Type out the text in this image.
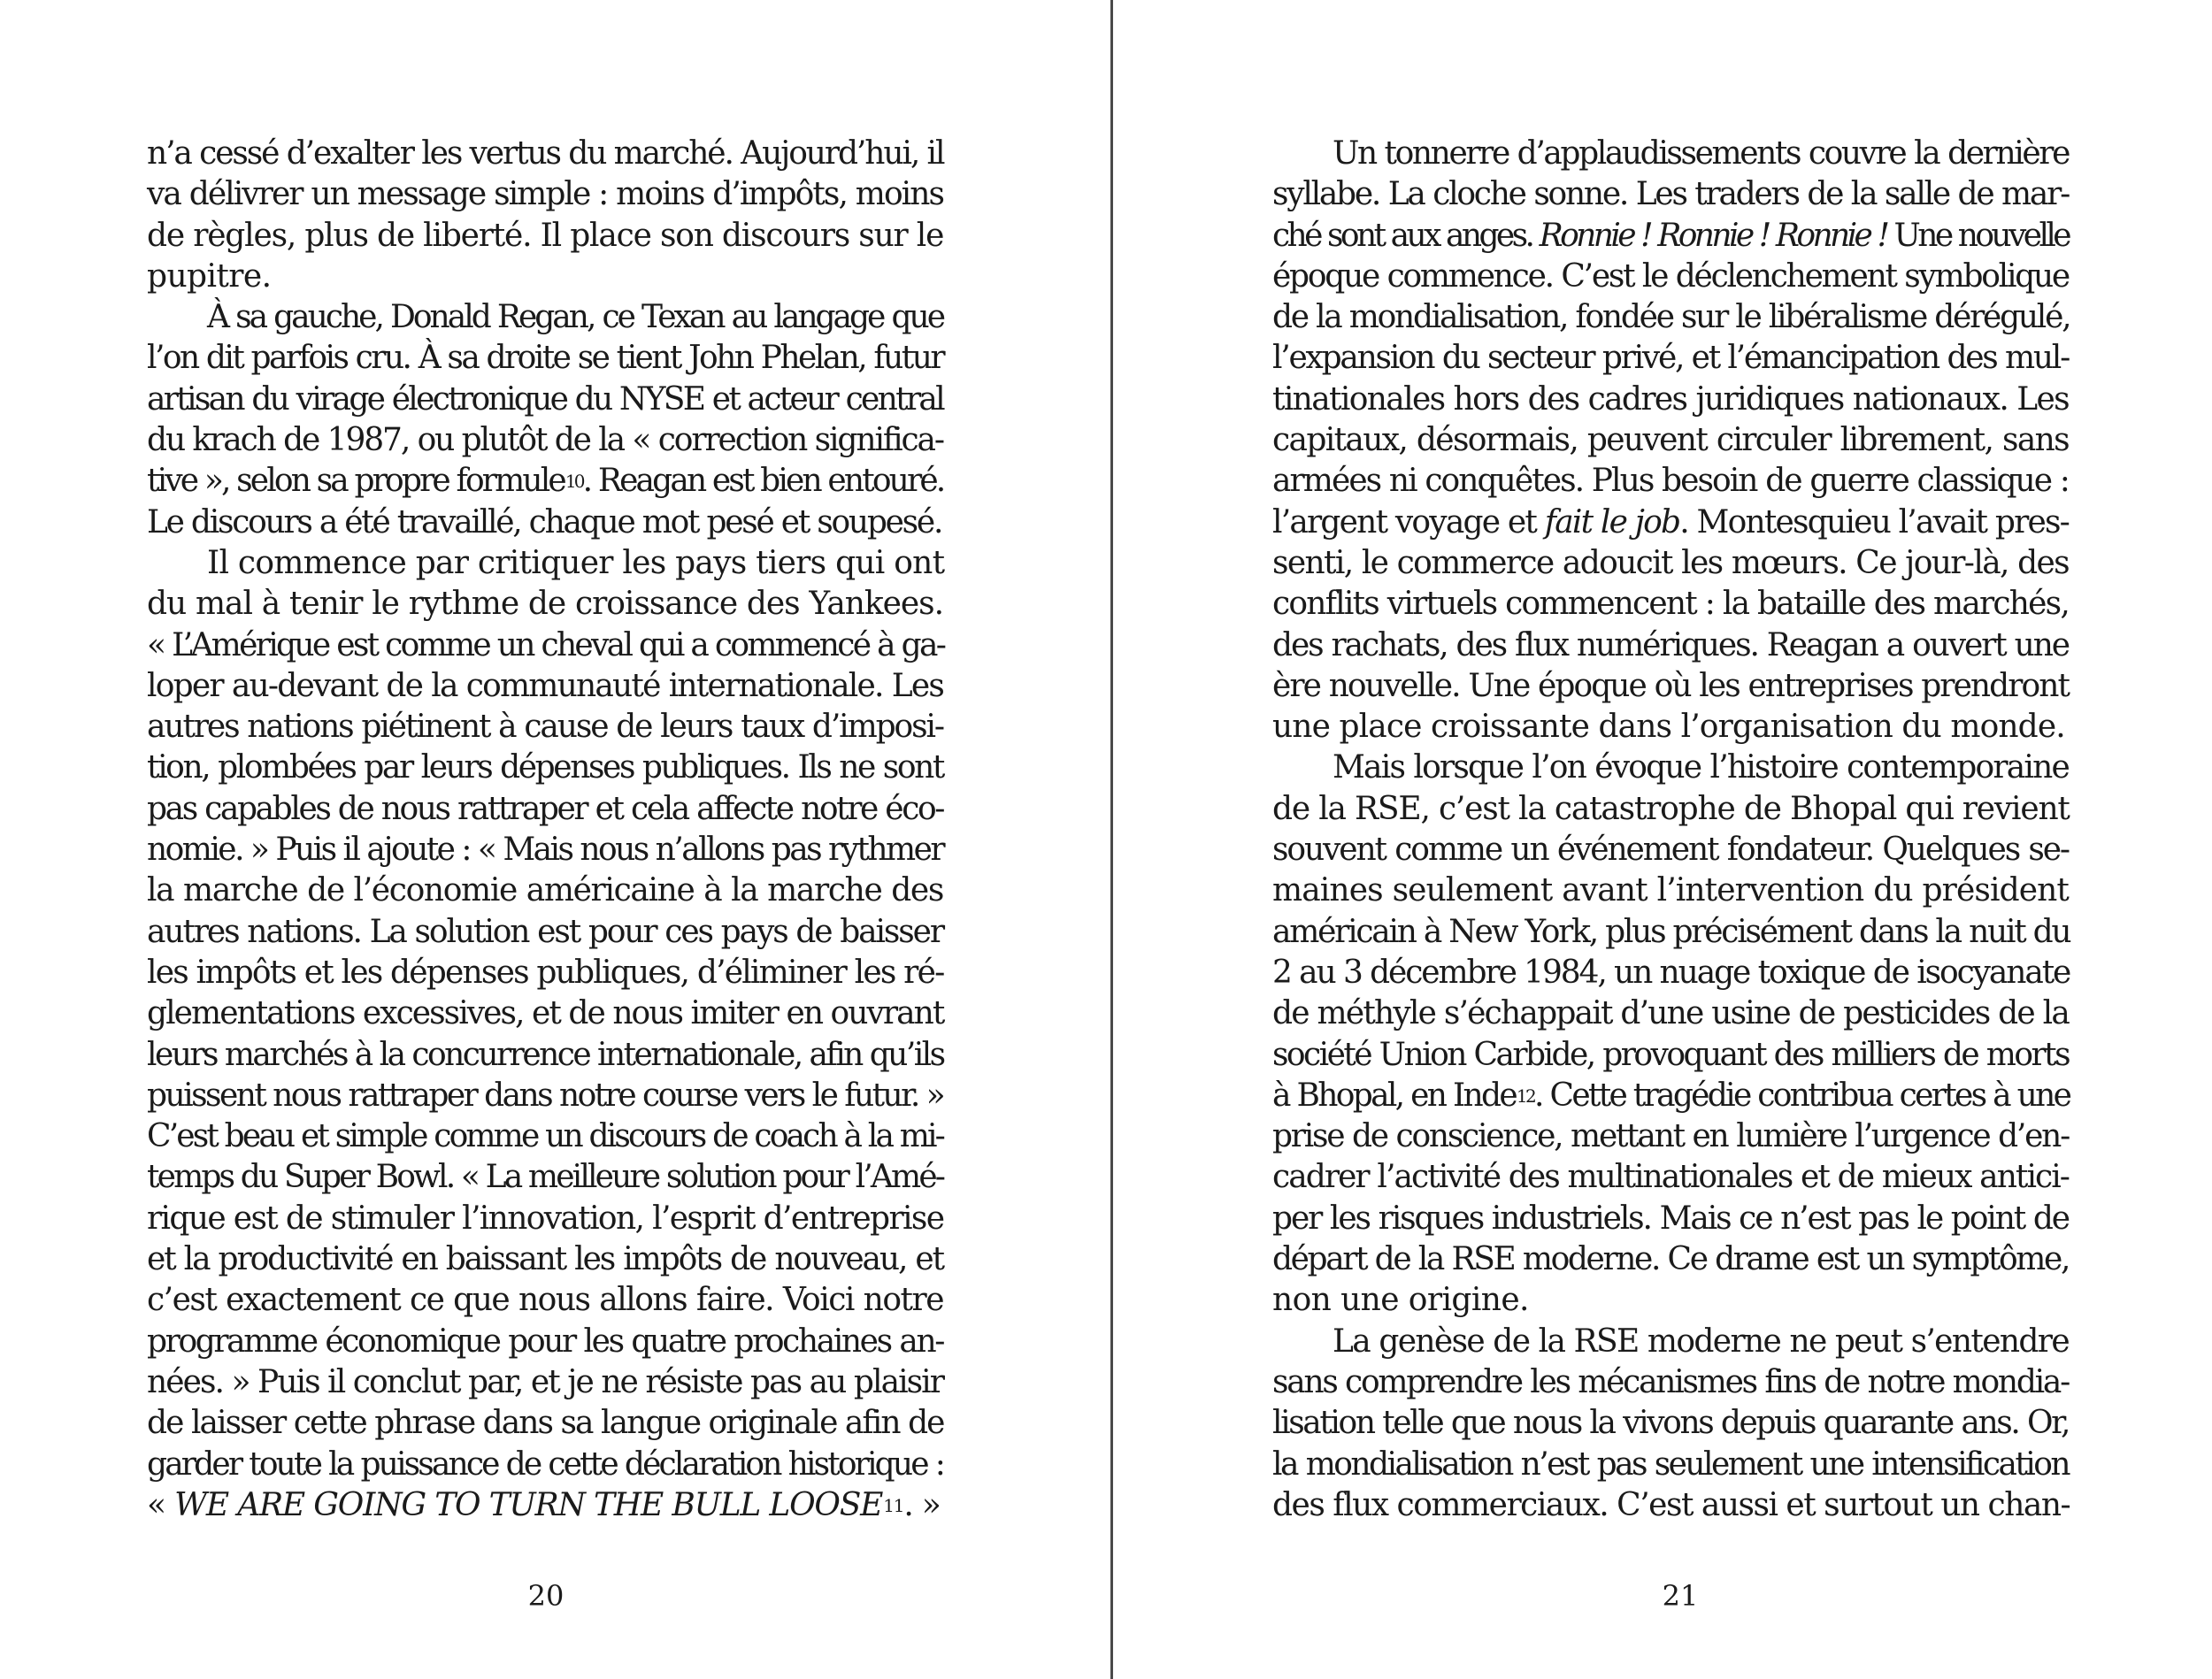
n’a cessé d’exalter les vertus du marché. Aujourd’hui, il
va délivrer un message simple : moins d’impôts, moins
de règles, plus de liberté. Il place son discours sur le
pupitre.
À sa gauche, Donald Regan, ce Texan au langage que
l’on dit parfois cru. À sa droite se tient John Phelan, futur
artisan du virage électronique du NYSE et acteur central
du krach de 1987, ou plutôt de la « correction significa-
tive », selon sa propre formule$^{10}$. Reagan est bien entouré.
Le discours a été travaillé, chaque mot pesé et soupesé.
Il commence par critiquer les pays tiers qui ont
du mal à tenir le rythme de croissance des Yankees.
« L’Amérique est comme un cheval qui a commencé à ga-
loper au-devant de la communauté internationale. Les
autres nations piétinent à cause de leurs taux d’imposi-
tion, plombées par leurs dépenses publiques. Ils ne sont
pas capables de nous rattraper et cela affecte notre éco-
nomie. » Puis il ajoute : « Mais nous n’allons pas rythmer
la marche de l’économie américaine à la marche des
autres nations. La solution est pour ces pays de baisser
les impôts et les dépenses publiques, d’éliminer les ré-
glementations excessives, et de nous imiter en ouvrant
leurs marchés à la concurrence internationale, afin qu’ils
puissent nous rattraper dans notre course vers le futur. »
C’est beau et simple comme un discours de coach à la mi-
temps du Super Bowl. « La meilleure solution pour l’Amé-
rique est de stimuler l’innovation, l’esprit d’entreprise
et la productivité en baissant les impôts de nouveau, et
c’est exactement ce que nous allons faire. Voici notre
programme économique pour les quatre prochaines an-
nées. » Puis il conclut par, et je ne résiste pas au plaisir
de laisser cette phrase dans sa langue originale afin de
garder toute la puissance de cette déclaration historique :
« WE ARE GOING TO TURN THE BULL LOOSE$^{11}$. »
20
Un tonnerre d’applaudissements couvre la dernière
syllabe. La cloche sonne. Les traders de la salle de mar-
ché sont aux anges. Ronnie ! Ronnie ! Ronnie ! Une nouvelle
époque commence. C’est le déclenchement symbolique
de la mondialisation, fondée sur le libéralisme dérégulé,
l’expansion du secteur privé, et l’émancipation des mul-
tinationales hors des cadres juridiques nationaux. Les
capitaux, désormais, peuvent circuler librement, sans
armées ni conquêtes. Plus besoin de guerre classique :
l’argent voyage et fait le job. Montesquieu l’avait pres-
senti, le commerce adoucit les mœurs. Ce jour-là, des
conflits virtuels commencent : la bataille des marchés,
des rachats, des flux numériques. Reagan a ouvert une
ère nouvelle. Une époque où les entreprises prendront
une place croissante dans l’organisation du monde.
Mais lorsque l’on évoque l’histoire contemporaine
de la RSE, c’est la catastrophe de Bhopal qui revient
souvent comme un événement fondateur. Quelques se-
maines seulement avant l’intervention du président
américain à New York, plus précisément dans la nuit du
2 au 3 décembre 1984, un nuage toxique de isocyanate
de méthyle s’échappait d’une usine de pesticides de la
société Union Carbide, provoquant des milliers de morts
à Bhopal, en Inde$^{12}$. Cette tragédie contribua certes à une
prise de conscience, mettant en lumière l’urgence d’en-
cadrer l’activité des multinationales et de mieux antici-
per les risques industriels. Mais ce n’est pas le point de
départ de la RSE moderne. Ce drame est un symptôme,
non une origine.
La genèse de la RSE moderne ne peut s’entendre
sans comprendre les mécanismes fins de notre mondia-
lisation telle que nous la vivons depuis quarante ans. Or,
la mondialisation n’est pas seulement une intensification
des flux commerciaux. C’est aussi et surtout un chan-
21
